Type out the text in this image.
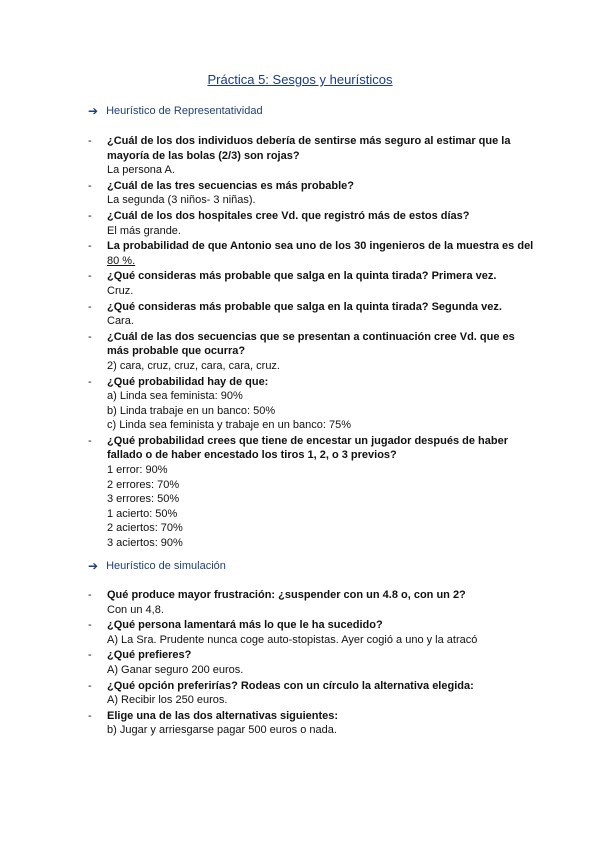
Práctica 5: Sesgos y heurísticos
➔ Heurístico de Representatividad
- ¿Cuál de los dos individuos debería de sentirse más seguro al estimar que la mayoría de las bolas (2/3) son rojas?
La persona A.
- ¿Cuál de las tres secuencias es más probable?
La segunda (3 niños- 3 niñas).
- ¿Cuál de los dos hospitales cree Vd. que registró más de estos días?
El más grande.
- La probabilidad de que Antonio sea uno de los 30 ingenieros de la muestra es del 80 %.
- ¿Qué consideras más probable que salga en la quinta tirada? Primera vez.
Cruz.
- ¿Qué consideras más probable que salga en la quinta tirada? Segunda vez.
Cara.
- ¿Cuál de las dos secuencias que se presentan a continuación cree Vd. que es más probable que ocurra?
2) cara, cruz, cruz, cara, cara, cruz.
- ¿Qué probabilidad hay de que:
a) Linda sea feminista: 90%
b) Linda trabaje en un banco: 50%
c) Linda sea feminista y trabaje en un banco: 75%
- ¿Qué probabilidad crees que tiene de encestar un jugador después de haber fallado o de haber encestado los tiros 1, 2, o 3 previos?
1 error: 90%
2 errores: 70%
3 errores: 50%
1 acierto: 50%
2 aciertos: 70%
3 aciertos: 90%
➔ Heurístico de simulación
- Qué produce mayor frustración: ¿suspender con un 4.8 o, con un 2?
Con un 4,8.
- ¿Qué persona lamentará más lo que le ha sucedido?
A) La Sra. Prudente nunca coge auto-stopistas. Ayer cogió a uno y la atracó
- ¿Qué prefieres?
A) Ganar seguro 200 euros.
- ¿Qué opción preferirías? Rodeas con un círculo la alternativa elegida:
A) Recibir los 250 euros.
- Elige una de las dos alternativas siguientes:
b) Jugar y arriesgarse pagar 500 euros o nada.
